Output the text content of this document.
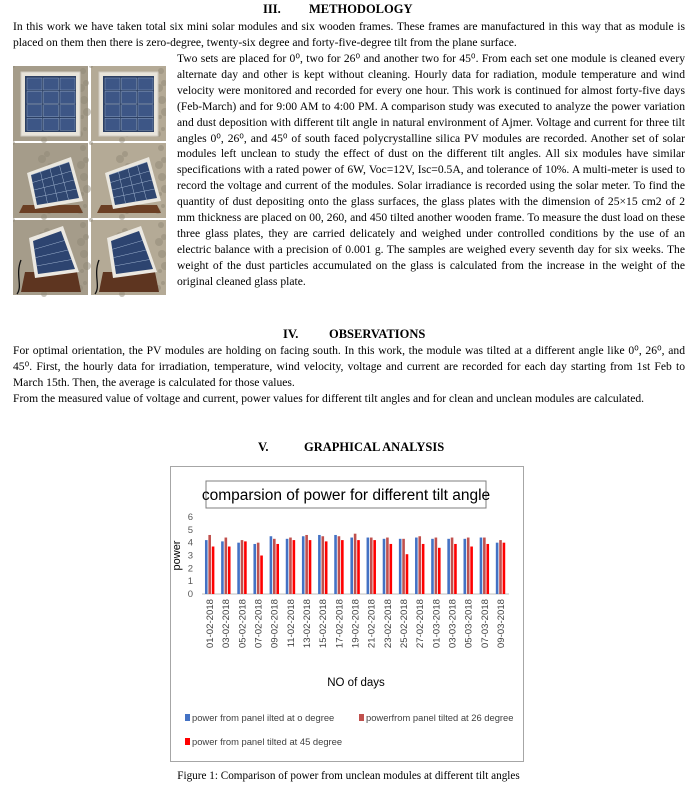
III. METHODOLOGY
In this work we have taken total six mini solar modules and six wooden frames. These frames are manufactured in this way that as module is placed on them then there is zero-degree, twenty-six degree and forty-five-degree tilt from the plane surface.
Two sets are placed for 0⁰, two for 26⁰ and another two for 45⁰. From each set one module is cleaned every alternate day and other is kept without cleaning. Hourly data for radiation, module temperature and wind velocity were monitored and recorded for every one hour. This work is continued for almost forty-five days (Feb-March) and for 9:00 AM to 4:00 PM. A comparison study was executed to analyze the power variation and dust deposition with different tilt angle in natural environment of Ajmer. Voltage and current for three tilt angles 0⁰, 26⁰, and 45⁰ of south faced polycrystalline silica PV modules are recorded. Another set of solar modules left unclean to study the effect of dust on the different tilt angles. All six modules have similar specifications with a rated power of 6W, Voc=12V, Isc=0.5A, and tolerance of 10%. A multi-meter is used to record the voltage and current of the modules. Solar irradiance is recorded using the solar meter. To find the quantity of dust depositing onto the glass surfaces, the glass plates with the dimension of 25×15 cm2 of 2 mm thickness are placed on 00, 260, and 450 tilted another wooden frame. To measure the dust load on these three glass plates, they are carried delicately and weighed under controlled conditions by the use of an electric balance with a precision of 0.001 g. The samples are weighed every seventh day for six weeks. The weight of the dust particles accumulated on the glass is calculated from the increase in the weight of the original cleaned glass plate.
IV. OBSERVATIONS
For optimal orientation, the PV modules are holding on facing south. In this work, the module was tilted at a different angle like 0⁰, 26⁰, and 45⁰. First, the hourly data for irradiation, temperature, wind velocity, voltage and current are recorded for each day starting from 1st Feb to March 15th. Then, the average is calculated for those values.
From the measured value of voltage and current, power values for different tilt angles and for clean and unclean modules are calculated.
V.	GRAPHICAL ANALYSIS
comparsion of power for different tilt angle
power
0
1
2
3
4
5
6
01-02-2018 03-02-2018 05-02-2018 07-02-2018 09-02-2018 11-02-2018 13-02-2018 15-02-2018 17-02-2018 19-02-2018 21-02-2018 23-02-2018 25-02-2018 27-02-2018 01-03-2018 03-03-2018 05-03-2018 07-03-2018 09-03-2018
NO of days
power from panel ilted at o degree	powerfrom panel tilted at 26 degree
power from panel tilted at 45 degree
Figure 1: Comparison of power from unclean modules at different tilt angles
